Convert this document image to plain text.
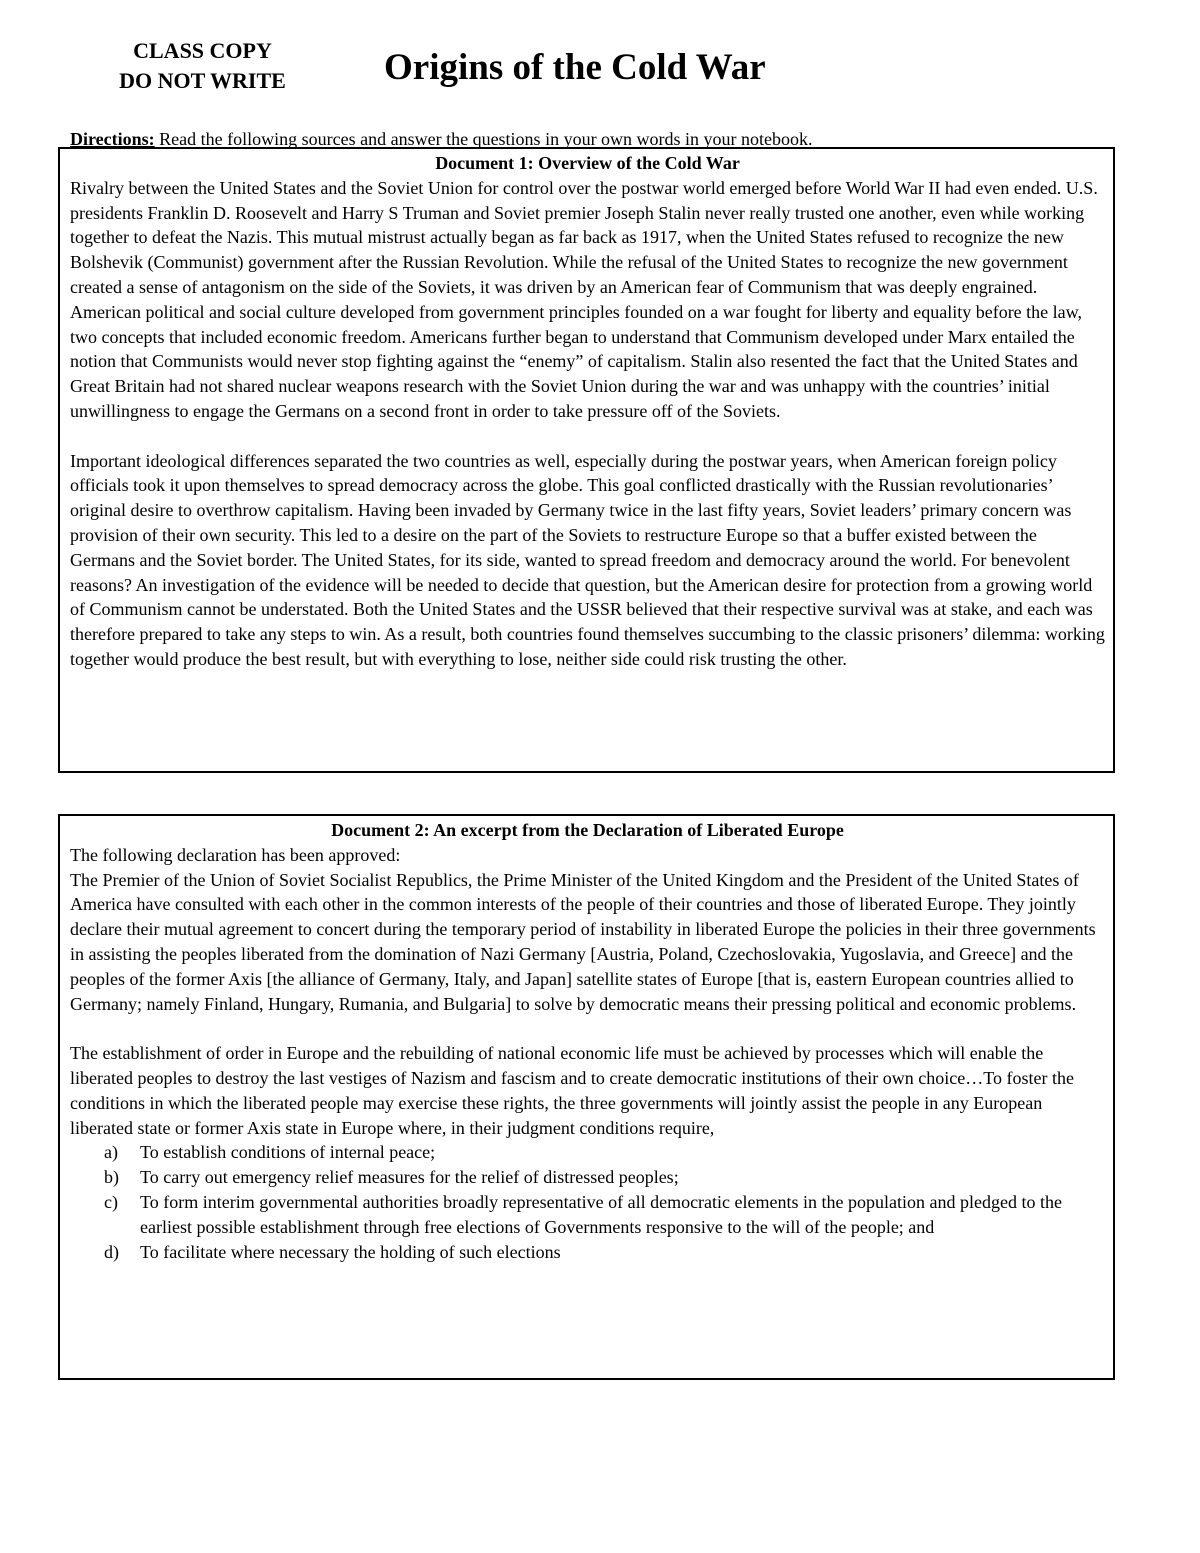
CLASS COPY
DO NOT WRITE	Origins of the Cold War
Directions: Read the following sources and answer the questions in your own words in your notebook.
Document 1: Overview of the Cold War

Rivalry between the United States and the Soviet Union for control over the postwar world emerged before World War II had even ended. U.S. presidents Franklin D. Roosevelt and Harry S Truman and Soviet premier Joseph Stalin never really trusted one another, even while working together to defeat the Nazis. This mutual mistrust actually began as far back as 1917, when the United States refused to recognize the new Bolshevik (Communist) government after the Russian Revolution. While the refusal of the United States to recognize the new government created a sense of antagonism on the side of the Soviets, it was driven by an American fear of Communism that was deeply engrained. American political and social culture developed from government principles founded on a war fought for liberty and equality before the law, two concepts that included economic freedom. Americans further began to understand that Communism developed under Marx entailed the notion that Communists would never stop fighting against the “enemy” of capitalism. Stalin also resented the fact that the United States and Great Britain had not shared nuclear weapons research with the Soviet Union during the war and was unhappy with the countries’ initial unwillingness to engage the Germans on a second front in order to take pressure off of the Soviets.

Important ideological differences separated the two countries as well, especially during the postwar years, when American foreign policy officials took it upon themselves to spread democracy across the globe. This goal conflicted drastically with the Russian revolutionaries’ original desire to overthrow capitalism. Having been invaded by Germany twice in the last fifty years, Soviet leaders’ primary concern was provision of their own security. This led to a desire on the part of the Soviets to restructure Europe so that a buffer existed between the Germans and the Soviet border. The United States, for its side, wanted to spread freedom and democracy around the world. For benevolent reasons? An investigation of the evidence will be needed to decide that question, but the American desire for protection from a growing world of Communism cannot be understated. Both the United States and the USSR believed that their respective survival was at stake, and each was therefore prepared to take any steps to win. As a result, both countries found themselves succumbing to the classic prisoners’ dilemma: working together would produce the best result, but with everything to lose, neither side could risk trusting the other.

Document 2: An excerpt from the Declaration of Liberated Europe
The following declaration has been approved:

The Premier of the Union of Soviet Socialist Republics, the Prime Minister of the United Kingdom and the President of the United States of America have consulted with each other in the common interests of the people of their countries and those of liberated Europe. They jointly declare their mutual agreement to concert during the temporary period of instability in liberated Europe the policies in their three governments in assisting the peoples liberated from the domination of Nazi Germany [Austria, Poland, Czechoslovakia, Yugoslavia, and Greece] and the peoples of the former Axis [the alliance of Germany, Italy, and Japan] satellite states of Europe [that is, eastern European countries allied to Germany; namely Finland, Hungary, Rumania, and Bulgaria] to solve by democratic means their pressing political and economic problems.

The establishment of order in Europe and the rebuilding of national economic life must be achieved by processes which will enable the liberated peoples to destroy the last vestiges of Nazism and fascism and to create democratic institutions of their own choice…To foster the conditions in which the liberated people may exercise these rights, the three governments will jointly assist the people in any European liberated state or former Axis state in Europe where, in their judgment conditions require,

a) To establish conditions of internal peace;
b) To carry out emergency relief measures for the relief of distressed peoples;
c) To form interim governmental authorities broadly representative of all democratic elements in the population and pledged to the earliest possible establishment through free elections of Governments responsive to the will of the people; and
d) To facilitate where necessary the holding of such elections
